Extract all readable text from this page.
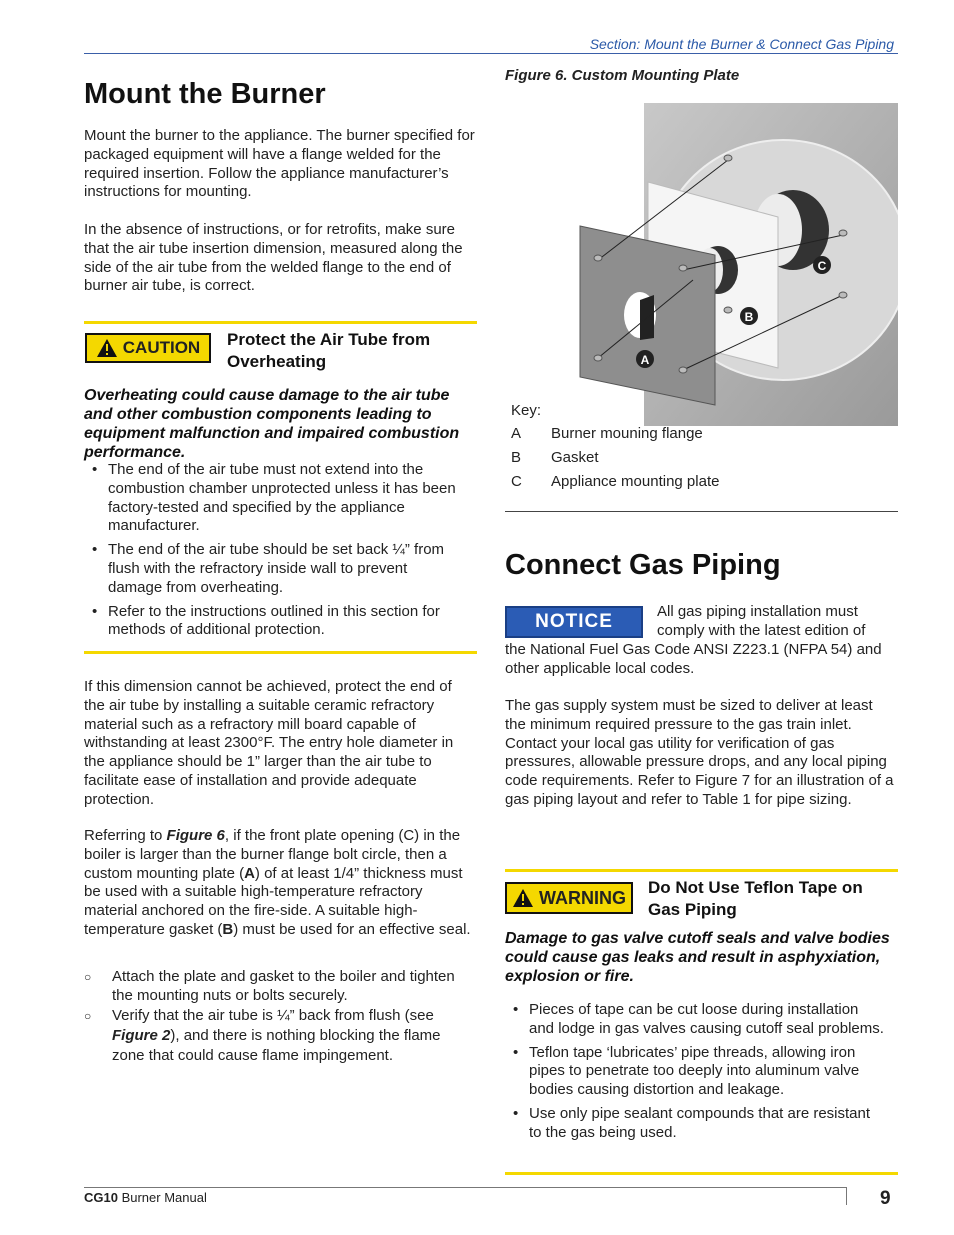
Section: Mount the Burner & Connect Gas Piping
Mount the Burner

Mount the burner to the appliance. The burner specified for packaged equipment will have a flange welded for the required insertion. Follow the appliance manufacturer’s instructions for mounting.

In the absence of instructions, or for retrofits, make sure that the air tube insertion dimension, measured along the side of the air tube from the welded flange to the end of burner air tube, is correct.

CAUTION Protect the Air Tube from Overheating
Overheating could cause damage to the air tube and other combustion components leading to equipment malfunction and impaired combustion performance.
• The end of the air tube must not extend into the combustion chamber unprotected unless it has been factory-tested and specified by the appliance manufacturer.
• The end of the air tube should be set back ¼” from flush with the refractory inside wall to prevent damage from overheating.
• Refer to the instructions outlined in this section for methods of additional protection.

If this dimension cannot be achieved, protect the end of the air tube by installing a suitable ceramic refractory material such as a refractory mill board capable of withstanding at least 2300°F. The entry hole diameter in the appliance should be 1” larger than the air tube to facilitate ease of installation and provide adequate protection.

Referring to Figure 6, if the front plate opening (C) in the boiler is larger than the burner flange bolt circle, then a custom mounting plate (A) of at least 1/4” thickness must be used with a suitable high-temperature refractory material anchored on the fire-side. A suitable high-temperature gasket (B) must be used for an effective seal.

○ Attach the plate and gasket to the boiler and tighten the mounting nuts or bolts securely.
○ Verify that the air tube is ¼” back from flush (see Figure 2), and there is nothing blocking the flame zone that could cause flame impingement.
Figure 6. Custom Mounting Plate
A
B
C
Key:
A Burner mouning flange
B Gasket
C Appliance mounting plate
Connect Gas Piping
NOTICE	All gas piping installation must comply with the latest edition of

the National Fuel Gas Code ANSI Z223.1 (NFPA 54) and other applicable local codes.

The gas supply system must be sized to deliver at least the minimum required pressure to the gas train inlet. Contact your local gas utility for verification of gas pressures, allowable pressure drops, and any local piping code requirements. Refer to Figure 7 for an illustration of a gas piping layout and refer to Table 1 for pipe sizing.

WARNING Do Not Use Teflon Tape on Gas Piping
Damage to gas valve cutoff seals and valve bodies could cause gas leaks and result in asphyxiation, explosion or fire.
• Pieces of tape can be cut loose during installation and lodge in gas valves causing cutoff seal problems.
• Teflon tape ‘lubricates’ pipe threads, allowing iron pipes to penetrate too deeply into aluminum valve bodies causing distortion and leakage.
• Use only pipe sealant compounds that are resistant to the gas being used.
CG10 Burner Manual	9
